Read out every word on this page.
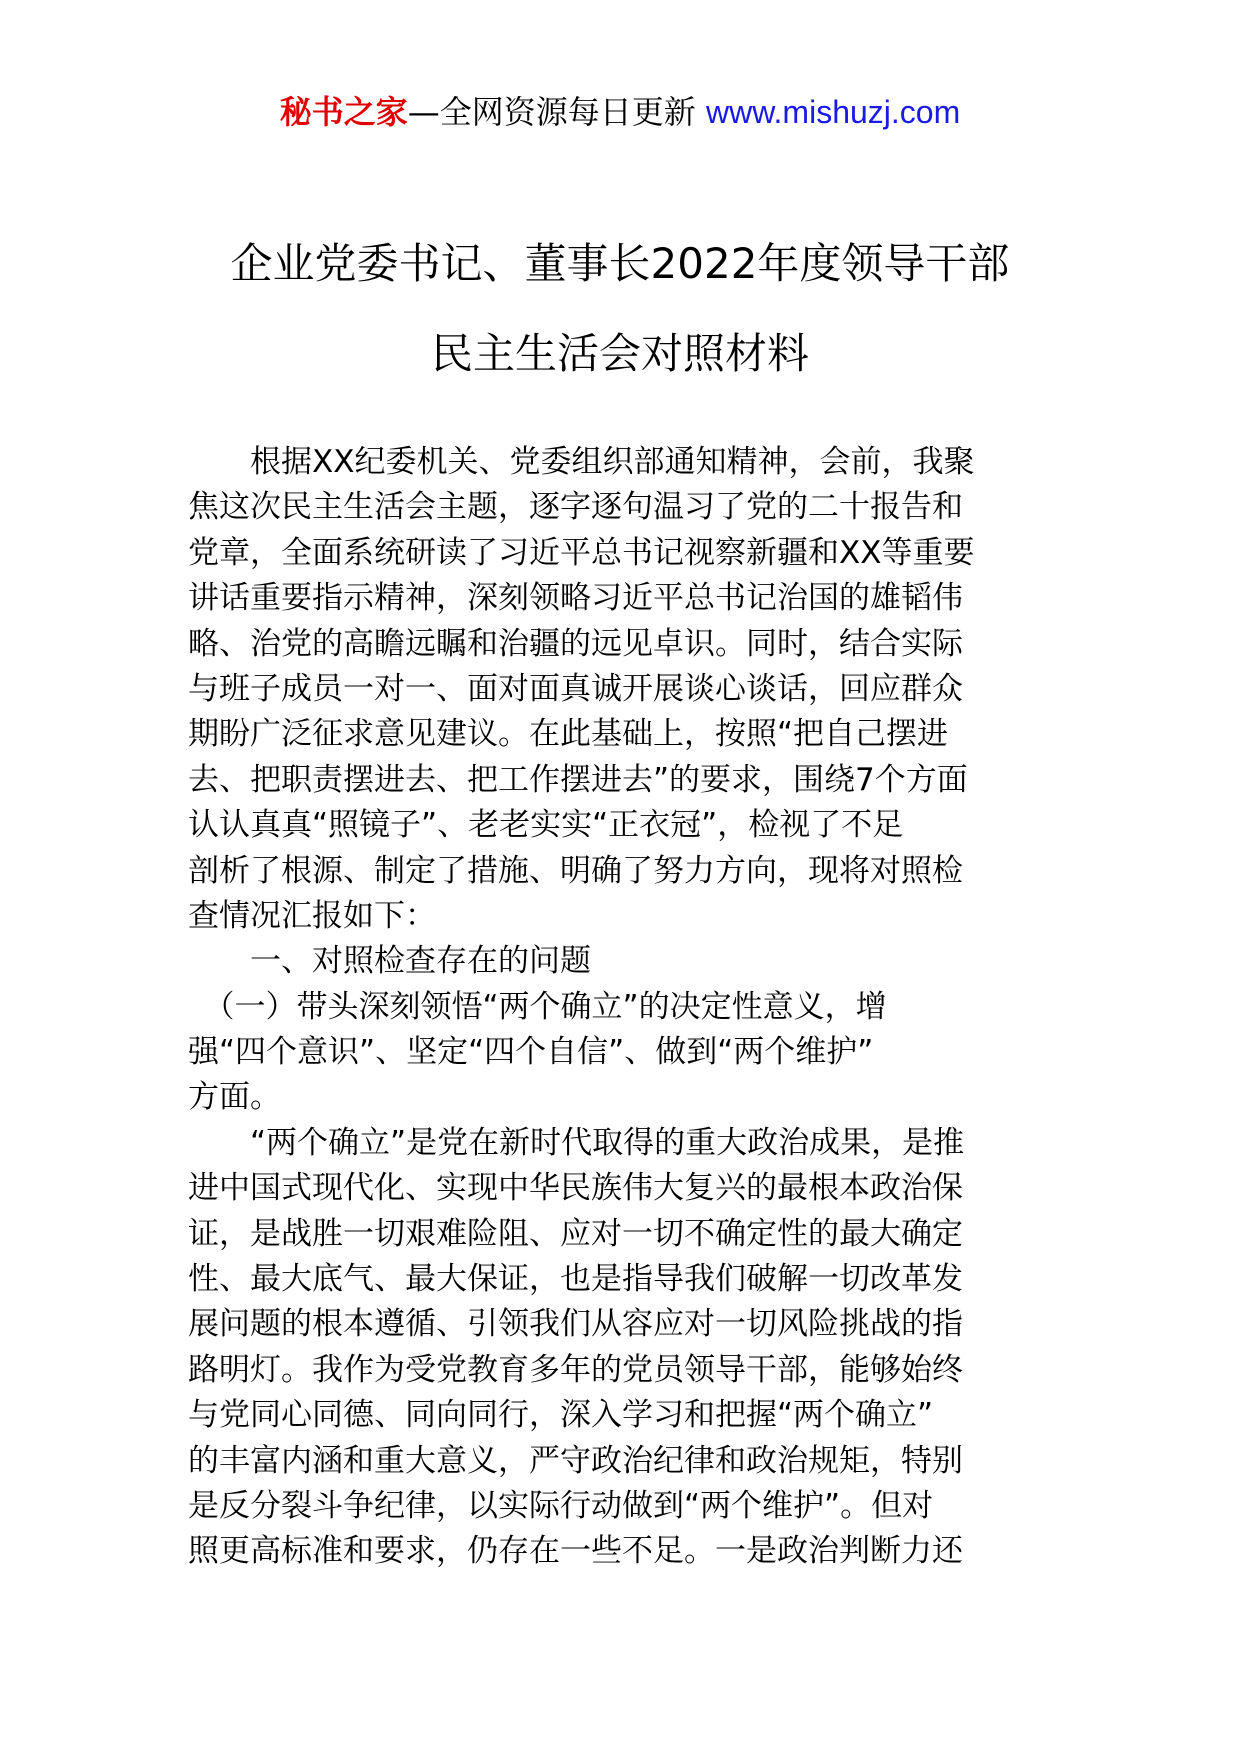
秘书之家—全网资源每日更新 www.mishuzj.com
企业党委书记、董事长2022年度领导干部
民主生活会对照材料
　　根据XX纪委机关、党委组织部通知精神，会前，我聚
焦这次民主生活会主题，逐字逐句温习了党的二十报告和
党章，全面系统研读了习近平总书记视察新疆和XX等重要
讲话重要指示精神，深刻领略习近平总书记治国的雄韬伟
略、治党的高瞻远瞩和治疆的远见卓识。同时，结合实际
与班子成员一对一、面对面真诚开展谈心谈话，回应群众
期盼广泛征求意见建议。在此基础上，按照“把自己摆进
去、把职责摆进去、把工作摆进去”的要求，围绕7个方面
认认真真“照镜子”、老老实实“正衣冠”，检视了不足
剖析了根源、制定了措施、明确了努力方向，现将对照检
查情况汇报如下：
　　一、对照检查存在的问题
　（一）带头深刻领悟“两个确立”的决定性意义，增
强“四个意识”、坚定“四个自信”、做到“两个维护”
方面。
　　“两个确立”是党在新时代取得的重大政治成果，是推
进中国式现代化、实现中华民族伟大复兴的最根本政治保
证，是战胜一切艰难险阻、应对一切不确定性的最大确定
性、最大底气、最大保证，也是指导我们破解一切改革发
展问题的根本遵循、引领我们从容应对一切风险挑战的指
路明灯。我作为受党教育多年的党员领导干部，能够始终
与党同心同德、同向同行，深入学习和把握“两个确立”
的丰富内涵和重大意义，严守政治纪律和政治规矩，特别
是反分裂斗争纪律，以实际行动做到“两个维护”。但对
照更高标准和要求，仍存在一些不足。一是政治判断力还
